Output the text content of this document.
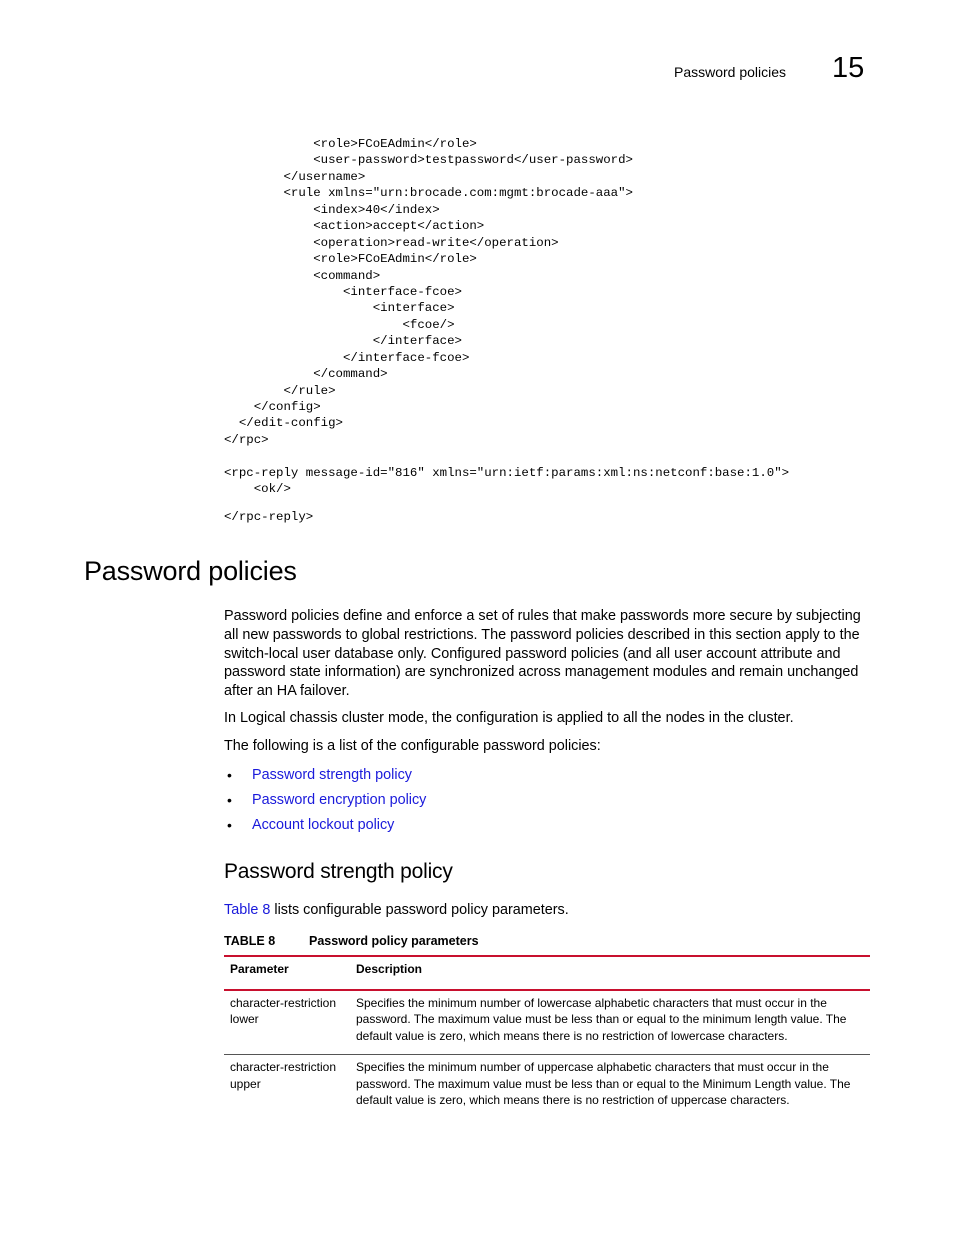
Password policies 15
<role>FCoEAdmin</role>
<user-password>testpassword</user-password>
</username>
<rule xmlns="urn:brocade.com:mgmt:brocade-aaa">
<index>40</index>
<action>accept</action>
<operation>read-write</operation>
<role>FCoEAdmin</role>
<command>
<interface-fcoe>
<interface>
<fcoe/>
</interface>
</interface-fcoe>
</command>
</rule>
</config>
</edit-config>
</rpc>
<rpc-reply message-id="816" xmlns="urn:ietf:params:xml:ns:netconf:base:1.0">
<ok/>
</rpc-reply>
Password policies

Password policies define and enforce a set of rules that make passwords more secure by subjecting all new passwords to global restrictions. The password policies described in this section apply to the switch-local user database only. Configured password policies (and all user account attribute and password state information) are synchronized across management modules and remain unchanged after an HA failover.

In Logical chassis cluster mode, the configuration is applied to all the nodes in the cluster.

The following is a list of the configurable password policies:

• Password strength policy
• Password encryption policy
• Account lockout policy
Password strength policy

Table 8 lists configurable password policy parameters.

TABLE 8	Password policy parameters
Parameter	Description
character-restriction lower	Specifies the minimum number of lowercase alphabetic characters that must occur in the password. The maximum value must be less than or equal to the minimum length value. The default value is zero, which means there is no restriction of lowercase characters.
character-restriction upper	Specifies the minimum number of uppercase alphabetic characters that must occur in the password. The maximum value must be less than or equal to the Minimum Length value. The default value is zero, which means there is no restriction of uppercase characters.
